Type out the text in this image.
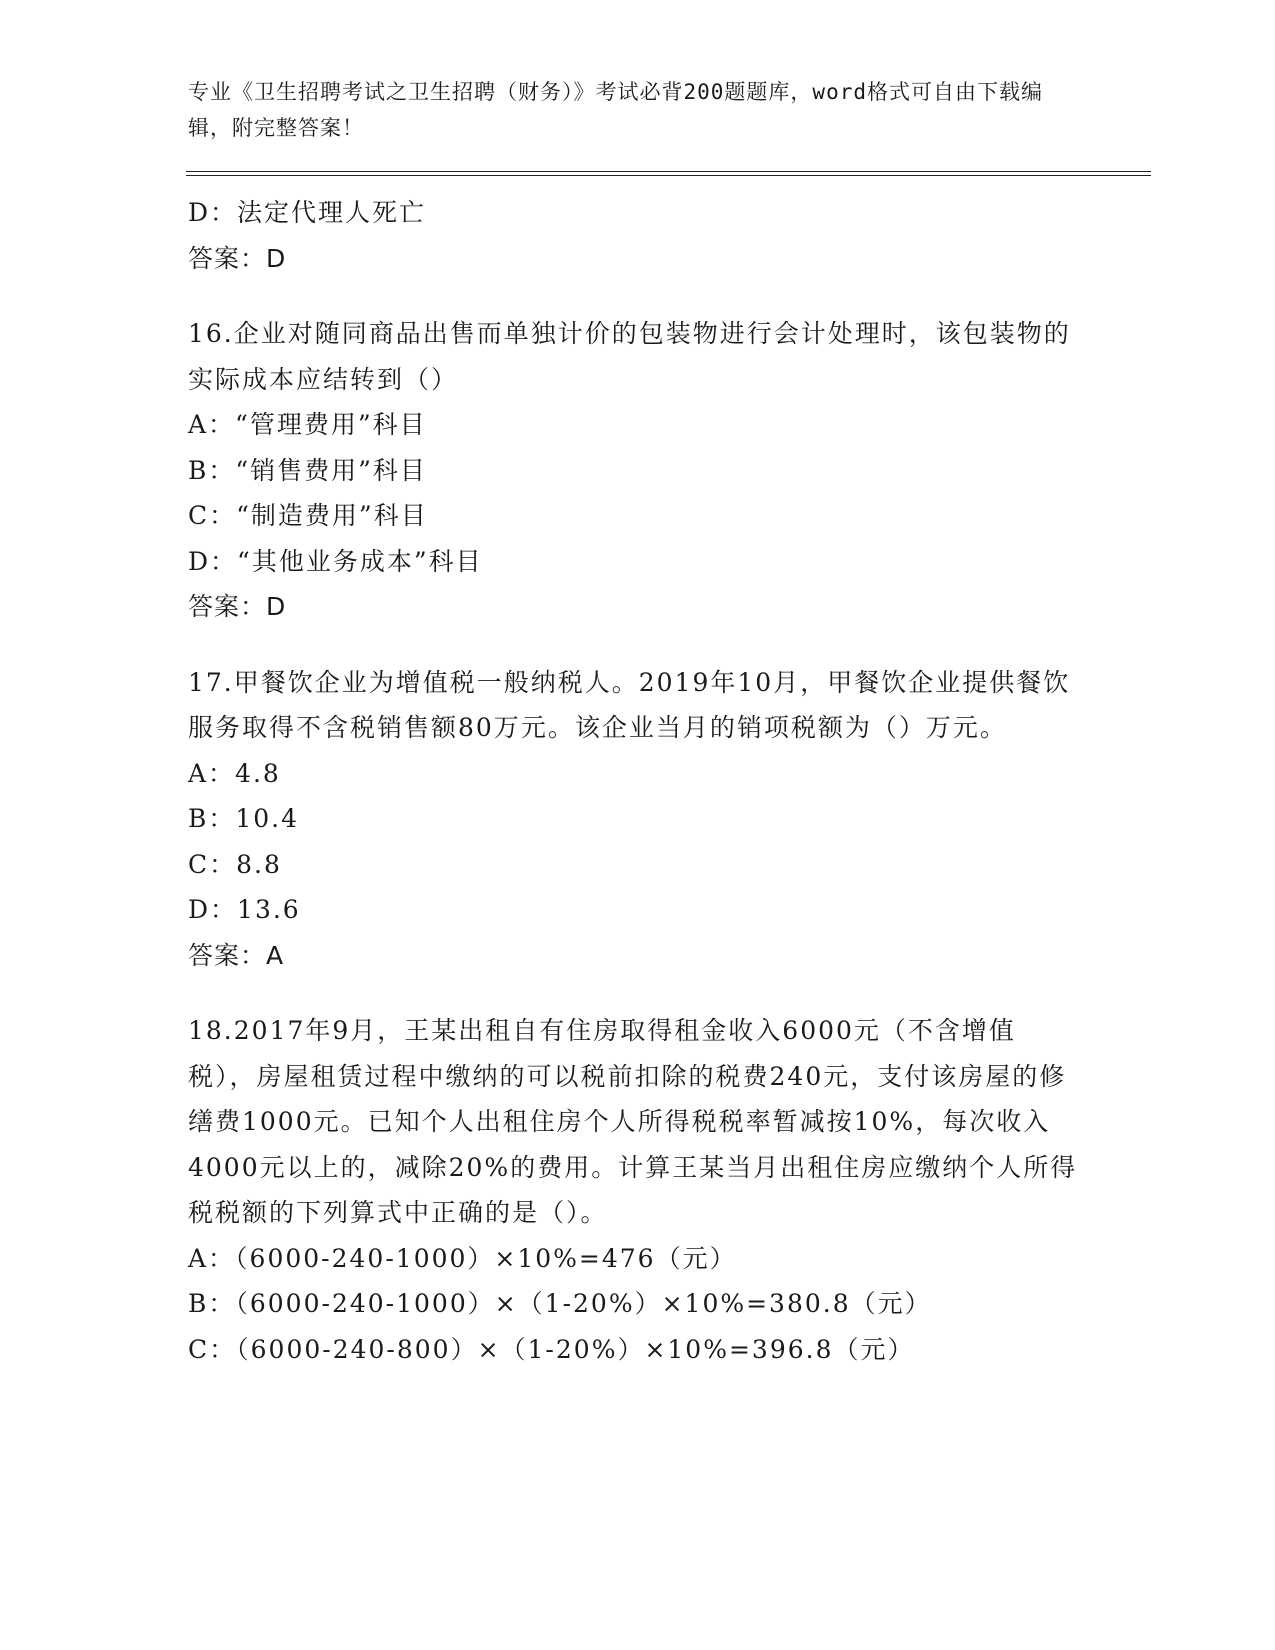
专业《卫生招聘考试之卫生招聘（财务）》考试必背200题题库，word格式可自由下载编辑，附完整答案！

D：法定代理人死亡

答案：D

16.企业对随同商品出售而单独计价的包装物进行会计处理时，该包装物的实际成本应结转到（）

A：“管理费用”科目

B：“销售费用”科目

C：“制造费用”科目

D：“其他业务成本”科目

答案：D

17.甲餐饮企业为增值税一般纳税人。2019年10月，甲餐饮企业提供餐饮服务取得不含税销售额80万元。该企业当月的销项税额为（）万元。

A：4.8

B：10.4

C：8.8

D：13.6

答案：A

18.2017年9月，王某出租自有住房取得租金收入6000元（不含增值税），房屋租赁过程中缴纳的可以税前扣除的税费240元，支付该房屋的修缮费1000元。已知个人出租住房个人所得税税率暂减按10%，每次收入4000元以上的，减除20%的费用。计算王某当月出租住房应缴纳个人所得税税额的下列算式中正确的是（）。

A：（6000-240-1000）×10%=476（元）

B：（6000-240-1000）×（1-20%）×10%=380.8（元）

C：（6000-240-800）×（1-20%）×10%=396.8（元）
